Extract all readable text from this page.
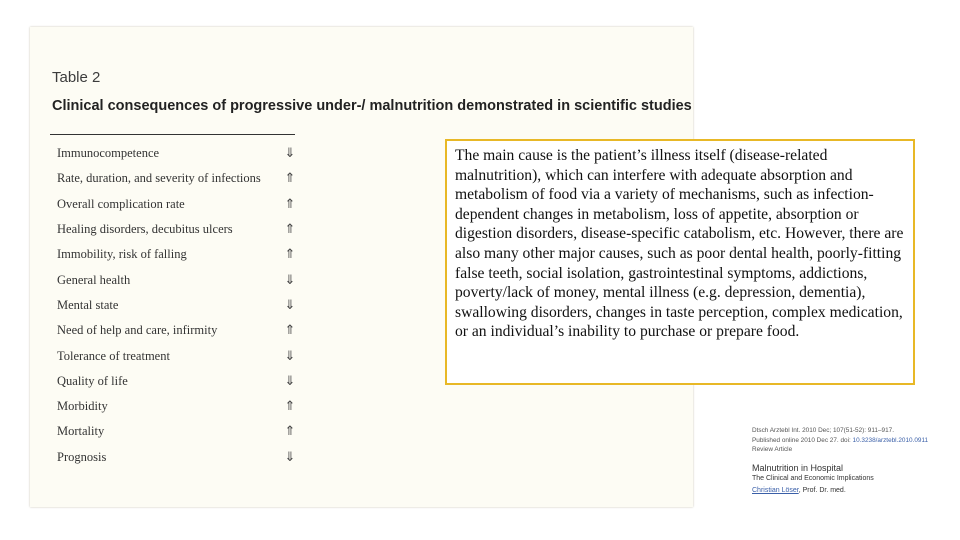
Table 2
Clinical consequences of progressive under-/ malnutrition demonstrated in scientific studies
Immunocompetence	⇓
Rate, duration, and severity of infections ⇑
Overall complication rate	⇑
Healing disorders, decubitus ulcers	⇑
Immobility, risk of falling	⇑
General health	⇓
Mental state	⇓
Need of help and care, infirmity	⇑
Tolerance of treatment	⇓
Quality of life	⇓
Morbidity	⇑
Mortality	⇑
Prognosis	⇓
The main cause is the patient’s illness itself (disease-related malnutrition), which can interfere with adequate absorption and metabolism of food via a variety of mechanisms, such as infection-dependent changes in metabolism, loss of appetite, absorption or digestion disorders, disease-specific catabolism, etc. However, there are also many other major causes, such as poor dental health, poorly-fitting false teeth, social isolation, gastrointestinal symptoms, addictions, poverty/lack of money, mental illness (e.g. depression, dementia), swallowing disorders, changes in taste perception, complex medication, or an individual’s inability to purchase or prepare food.
Dtsch Arztebl Int. 2010 Dec; 107(51-52): 911–917.
Published online 2010 Dec 27. doi: 10.3238/arztebl.2010.0911
Review Article
Malnutrition in Hospital
The Clinical and Economic Implications
Christian Löser, Prof. Dr. med.
